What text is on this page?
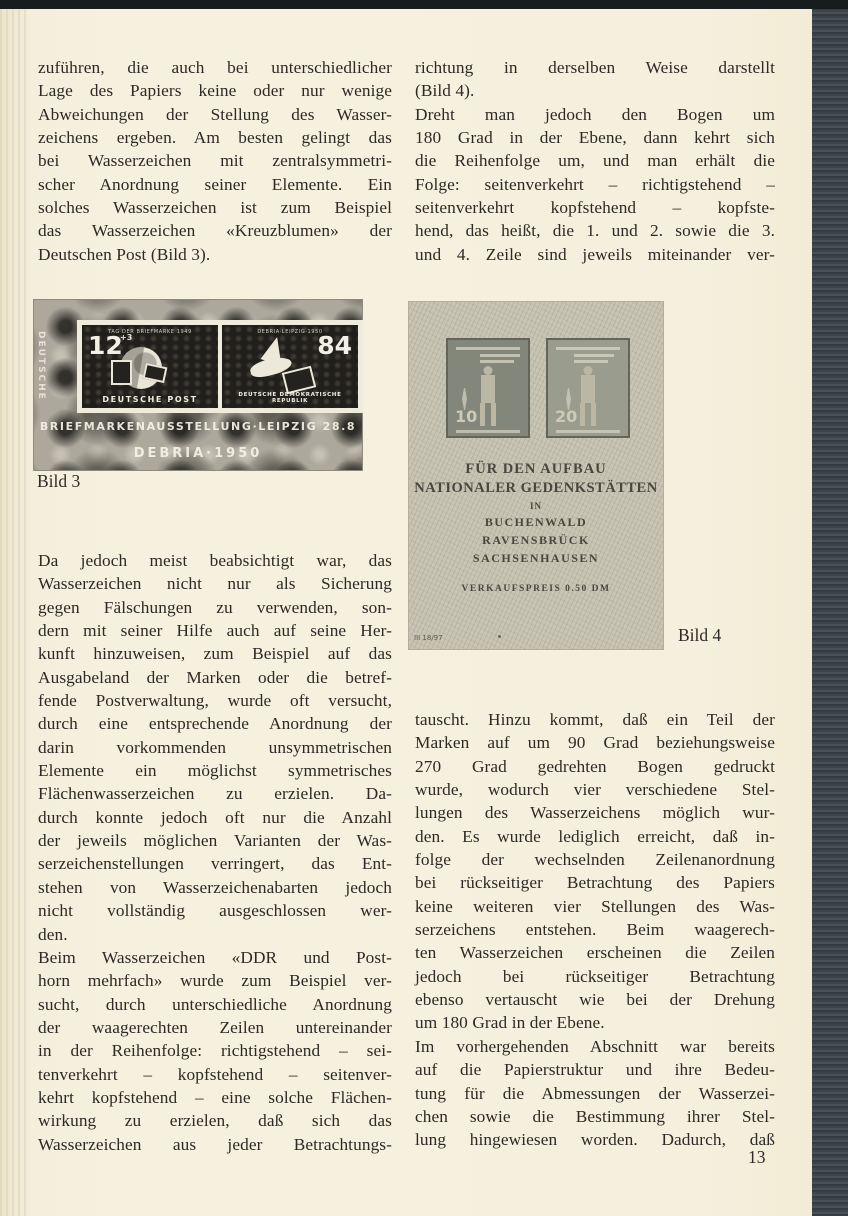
zuführen, die auch bei unterschiedlicher
Lage des Papiers keine oder nur wenige
Abweichungen der Stellung des Wasser-
zeichens ergeben. Am besten gelingt das
bei Wasserzeichen mit zentralsymmetri-
scher Anordnung seiner Elemente. Ein
solches Wasserzeichen ist zum Beispiel
das Wasserzeichen «Kreuzblumen» der
Deutschen Post (Bild 3).
DEUTSCHE	TAG DER BRIEFMARKE 1949
12
+3
DEUTSCHE POST
DEBRIA·LEIPZIG·1950
84
DEUTSCHE DEMOKRATISCHE REPUBLIK
BRIEFMARKENAUSSTELLUNG·LEIPZIG 28.8
DEBRIA·1950
Bild 3
Da jedoch meist beabsichtigt war, das
Wasserzeichen nicht nur als Sicherung
gegen Fälschungen zu verwenden, son-
dern mit seiner Hilfe auch auf seine Her-
kunft hinzuweisen, zum Beispiel auf das
Ausgabeland der Marken oder die betref-
fende Postverwaltung, wurde oft versucht,
durch eine entsprechende Anordnung der
darin vorkommenden unsymmetrischen
Elemente ein möglichst symmetrisches
Flächenwasserzeichen zu erzielen. Da-
durch konnte jedoch oft nur die Anzahl
der jeweils möglichen Varianten der Was-
serzeichenstellungen verringert, das Ent-
stehen von Wasserzeichenabarten jedoch
nicht vollständig ausgeschlossen wer-
den.
Beim Wasserzeichen «DDR und Post-
horn mehrfach» wurde zum Beispiel ver-
sucht, durch unterschiedliche Anordnung
der waagerechten Zeilen untereinander
in der Reihenfolge: richtigstehend – sei-
tenverkehrt – kopfstehend – seitenver-
kehrt kopfstehend – eine solche Flächen-
wirkung zu erzielen, daß sich das
Wasserzeichen aus jeder Betrachtungs-
richtung in derselben Weise darstellt
(Bild 4).
Dreht man jedoch den Bogen um
180 Grad in der Ebene, dann kehrt sich
die Reihenfolge um, und man erhält die
Folge: seitenverkehrt – richtigstehend –
seitenverkehrt kopfstehend – kopfste-
hend, das heißt, die 1. und 2. sowie die 3.
und 4. Zeile sind jeweils miteinander ver-
10	20
FÜR DEN AUFBAU
NATIONALER GEDENKSTÄTTEN
IN
BUCHENWALD
RAVENSBRÜCK
SACHSENHAUSEN
VERKAUFSPREIS 0.50 DM
III 18/97	Bild 4
tauscht. Hinzu kommt, daß ein Teil der
Marken auf um 90 Grad beziehungsweise
270 Grad gedrehten Bogen gedruckt
wurde, wodurch vier verschiedene Stel-
lungen des Wasserzeichens möglich wur-
den. Es wurde lediglich erreicht, daß in-
folge der wechselnden Zeilenanordnung
bei rückseitiger Betrachtung des Papiers
keine weiteren vier Stellungen des Was-
serzeichens entstehen. Beim waagerech-
ten Wasserzeichen erscheinen die Zeilen
jedoch bei rückseitiger Betrachtung
ebenso vertauscht wie bei der Drehung
um 180 Grad in der Ebene.
Im vorhergehenden Abschnitt war bereits
auf die Papierstruktur und ihre Bedeu-
tung für die Abmessungen der Wasserzei-
chen sowie die Bestimmung ihrer Stel-
lung hingewiesen worden. Dadurch, daß
13
